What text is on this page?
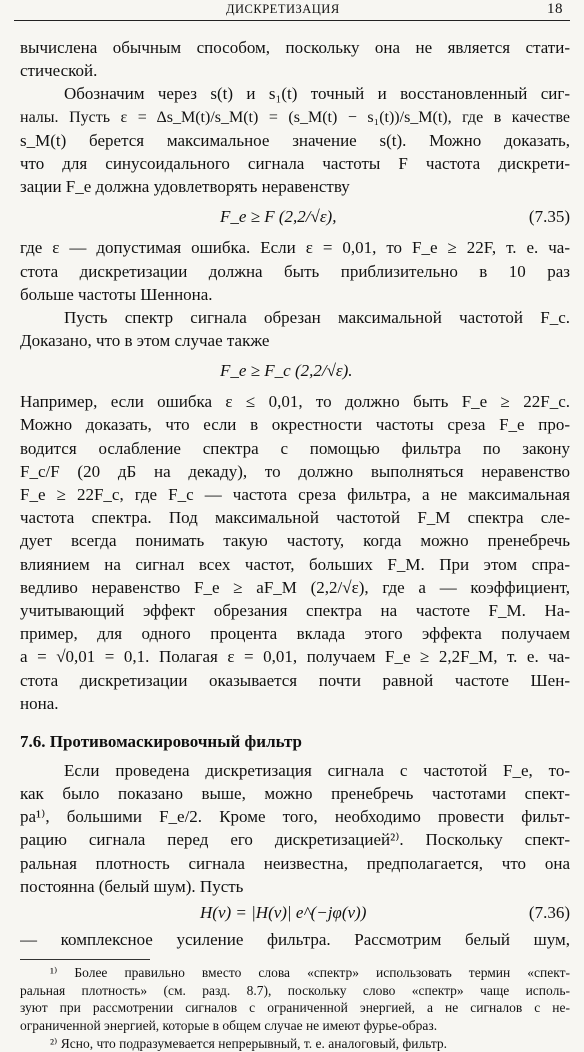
ДИСКРЕТИЗАЦИЯ	18
вычислена обычным способом, поскольку она не является стати-
стической.
Обозначим через s(t) и s₁(t) точный и восстановленный сиг-
налы. Пусть ε = Δs_M(t)/s_M(t) = (s_M(t) − s₁(t))/s_M(t), где в качестве
s_M(t) берется максимальное значение s(t). Можно доказать,
что для синусоидального сигнала частоты F частота дискрети-
зации F_e должна удовлетворять неравенству
F_e ≥ F (2,2/√ε),	(7.35)
где ε — допустимая ошибка. Если ε = 0,01, то F_e ≥ 22F, т. е. ча-
стота дискретизации должна быть приблизительно в 10 раз
больше частоты Шеннона.
Пусть спектр сигнала обрезан максимальной частотой F_c.
Доказано, что в этом случае также
F_e ≥ F_c (2,2/√ε).
Например, если ошибка ε ≤ 0,01, то должно быть F_e ≥ 22F_c.
Можно доказать, что если в окрестности частоты среза F_e про-
водится ослабление спектра с помощью фильтра по закону
F_c/F (20 дБ на декаду), то должно выполняться неравенство
F_e ≥ 22F_c, где F_c — частота среза фильтра, а не максимальная
частота спектра. Под максимальной частотой F_M спектра сле-
дует всегда понимать такую частоту, когда можно пренебречь
влиянием на сигнал всех частот, больших F_M. При этом спра-
ведливо неравенство F_e ≥ aF_M (2,2/√ε), где a — коэффициент,
учитывающий эффект обрезания спектра на частоте F_M. На-
пример, для одного процента вклада этого эффекта получаем
a = √0,01 = 0,1. Полагая ε = 0,01, получаем F_e ≥ 2,2F_M, т. е. ча-
стота дискретизации оказывается почти равной частоте Шен-
нона.
7.6. Противомаскировочный фильтр
Если проведена дискретизация сигнала с частотой F_e, то-
как было показано выше, можно пренебречь частотами спект-
ра¹⁾, большими F_e/2. Кроме того, необходимо провести фильт-
рацию сигнала перед его дискретизацией²⁾. Поскольку спект-
ральная плотность сигнала неизвестна, предполагается, что она
постоянна (белый шум). Пусть
H(ν) = |H(ν)| e^(−jφ(ν))	(7.36)
— комплексное усиление фильтра. Рассмотрим белый шум,
¹⁾ Более правильно вместо слова «спектр» использовать термин «спект-
ральная плотность» (см. разд. 8.7), поскольку слово «спектр» чаще исполь-
зуют при рассмотрении сигналов с ограниченной энергией, а не сигналов с не-
ограниченной энергией, которые в общем случае не имеют фурье-образ.
²⁾ Ясно, что подразумевается непрерывный, т. е. аналоговый, фильтр.
